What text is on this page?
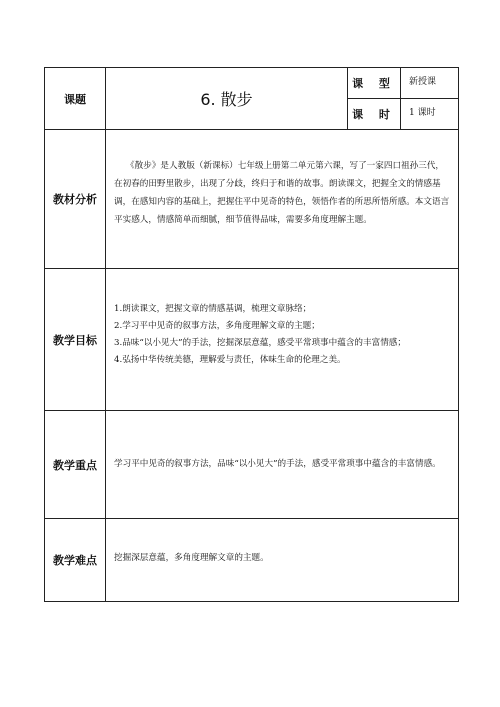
课题	6. 散步	课 型	新授课
		课 时	1 课时
教材分析	《散步》是人教版（新课标）七年级上册第二单元第六课，写了一家四口祖孙三代，在初春的田野里散步，出现了分歧，终归于和谐的故事。朗读课文，把握全文的情感基调，在感知内容的基础上，把握住平中见奇的特色，领悟作者的所思所悟所感。本文语言平实感人，情感简单而细腻，细节值得品味，需要多角度理解主题。		

教学目标	1.朗读课文，把握文章的情感基调，梳理文章脉络；
2.学习平中见奇的叙事方法，多角度理解文章的主题；
3.品味“以小见大”的手法，挖掘深层意蕴，感受平常琐事中蕴含的丰富情感；
4.弘扬中华传统美德，理解爱与责任，体味生命的伦理之美。		

教学重点	学习平中见奇的叙事方法，品味“以小见大”的手法，感受平常琐事中蕴含的丰富情感。		

教学难点	挖掘深层意蕴，多角度理解文章的主题。		
